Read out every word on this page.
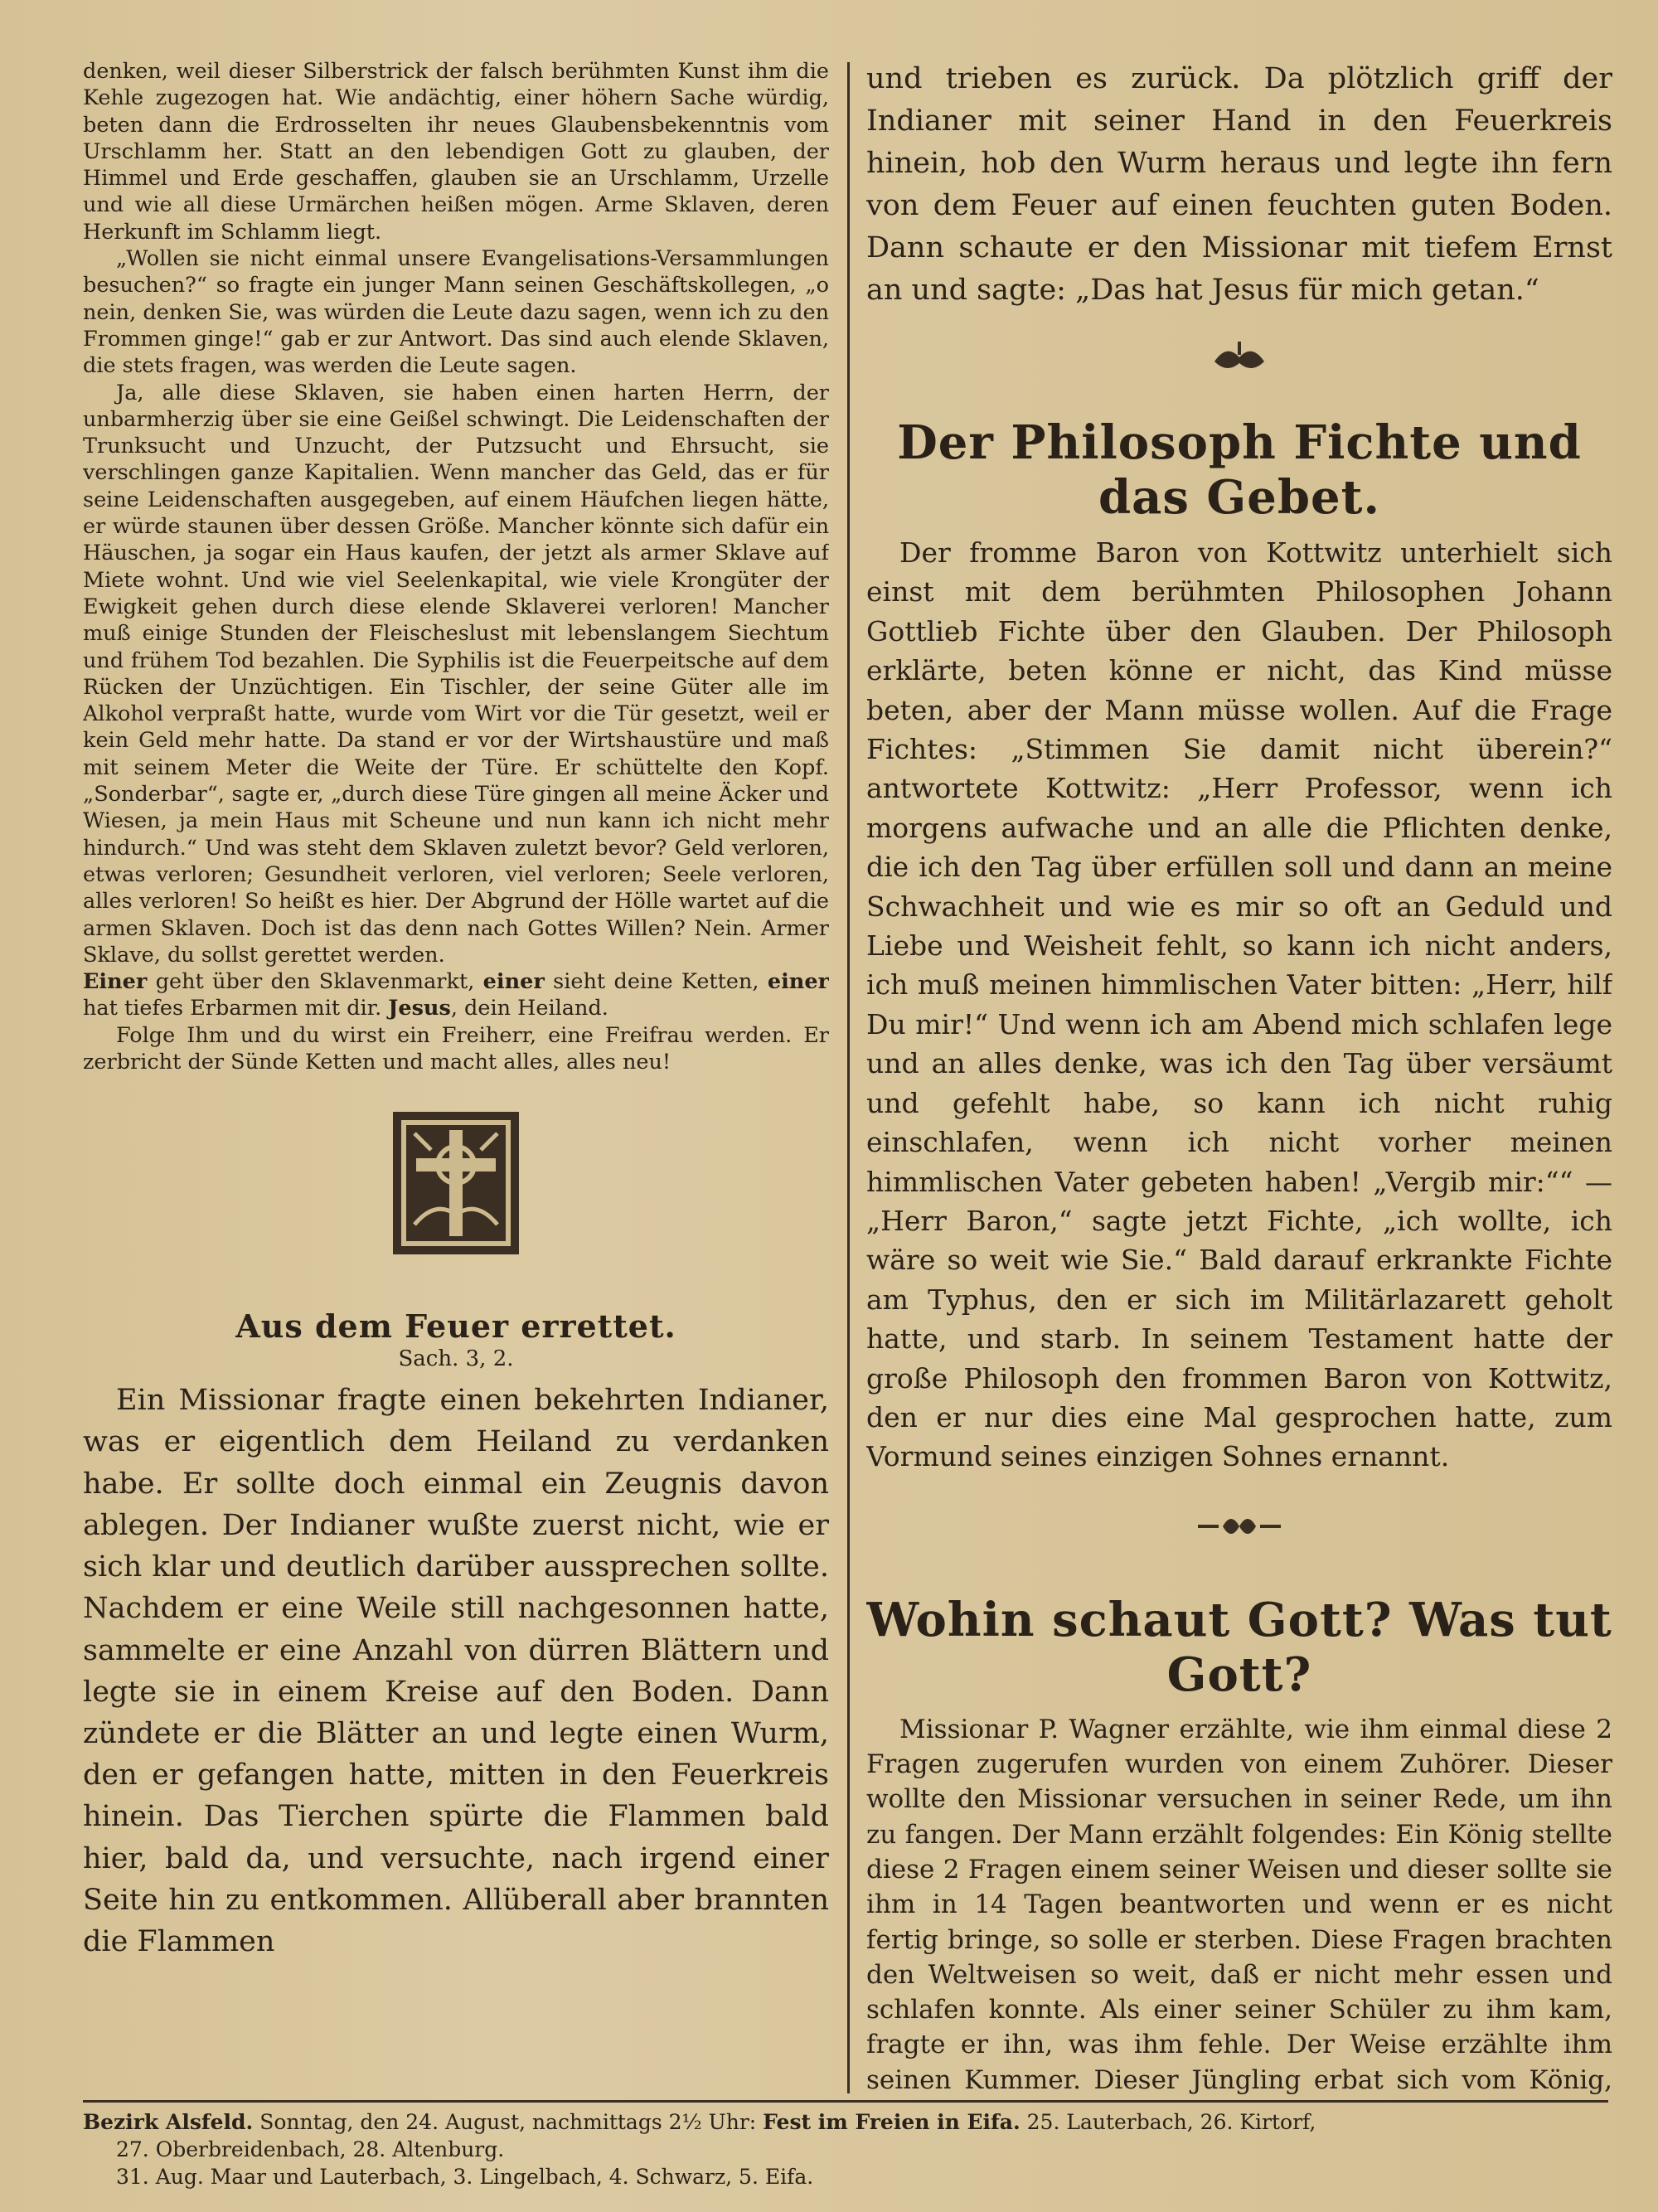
denken, weil dieser Silberstrick der falsch berühmten Kunst ihm die Kehle zugezogen hat. Wie andächtig, einer höhern Sache würdig, beten dann die Erdrosselten ihr neues Glaubensbekenntnis vom Urschlamm her. Statt an den lebendigen Gott zu glauben, der Himmel und Erde geschaffen, glauben sie an Urschlamm, Urzelle und wie all diese Urmärchen heißen mögen. Arme Sklaven, deren Herkunft im Schlamm liegt.

„Wollen sie nicht einmal unsere Evangelisations-Versammlungen besuchen?“ so fragte ein junger Mann seinen Geschäftskollegen, „o nein, denken Sie, was würden die Leute dazu sagen, wenn ich zu den Frommen ginge!“ gab er zur Antwort. Das sind auch elende Sklaven, die stets fragen, was werden die Leute sagen.

Ja, alle diese Sklaven, sie haben einen harten Herrn, der unbarmherzig über sie eine Geißel schwingt. Die Leidenschaften der Trunksucht und Unzucht, der Putzsucht und Ehrsucht, sie verschlingen ganze Kapitalien. Wenn mancher das Geld, das er für seine Leidenschaften ausgegeben, auf einem Häufchen liegen hätte, er würde staunen über dessen Größe. Mancher könnte sich dafür ein Häuschen, ja sogar ein Haus kaufen, der jetzt als armer Sklave auf Miete wohnt. Und wie viel Seelenkapital, wie viele Krongüter der Ewigkeit gehen durch diese elende Sklaverei verloren! Mancher muß einige Stunden der Fleischeslust mit lebenslangem Siechtum und frühem Tod bezahlen. Die Syphilis ist die Feuerpeitsche auf dem Rücken der Unzüchtigen. Ein Tischler, der seine Güter alle im Alkohol verpraßt hatte, wurde vom Wirt vor die Tür gesetzt, weil er kein Geld mehr hatte. Da stand er vor der Wirtshaustüre und maß mit seinem Meter die Weite der Türe. Er schüttelte den Kopf. „Sonderbar“, sagte er, „durch diese Türe gingen all meine Äcker und Wiesen, ja mein Haus mit Scheune und nun kann ich nicht mehr hindurch.“ Und was steht dem Sklaven zuletzt bevor? Geld verloren, etwas verloren; Gesundheit verloren, viel verloren; Seele verloren, alles verloren! So heißt es hier. Der Abgrund der Hölle wartet auf die armen Sklaven. Doch ist das denn nach Gottes Willen? Nein. Armer Sklave, du sollst gerettet werden.

Einer geht über den Sklavenmarkt, einer sieht deine Ketten, einer hat tiefes Erbarmen mit dir. Jesus, dein Heiland.

Folge Ihm und du wirst ein Freiherr, eine Freifrau werden. Er zerbricht der Sünde Ketten und macht alles, alles neu!

Aus dem Feuer errettet.
Sach. 3, 2.

Ein Missionar fragte einen bekehrten Indianer, was er eigentlich dem Heiland zu verdanken habe. Er sollte doch einmal ein Zeugnis davon ablegen. Der Indianer wußte zuerst nicht, wie er sich klar und deutlich darüber aussprechen sollte. Nachdem er eine Weile still nachgesonnen hatte, sammelte er eine Anzahl von dürren Blättern und legte sie in einem Kreise auf den Boden. Dann zündete er die Blätter an und legte einen Wurm, den er gefangen hatte, mitten in den Feuerkreis hinein. Das Tierchen spürte die Flammen bald hier, bald da, und versuchte, nach irgend einer Seite hin zu entkommen. Allüberall aber brannten die Flammen

und trieben es zurück. Da plötzlich griff der Indianer mit seiner Hand in den Feuerkreis hinein, hob den Wurm heraus und legte ihn fern von dem Feuer auf einen feuchten guten Boden. Dann schaute er den Missionar mit tiefem Ernst an und sagte: „Das hat Jesus für mich getan.“

Der Philosoph Fichte und das Gebet.

Der fromme Baron von Kottwitz unterhielt sich einst mit dem berühmten Philosophen Johann Gottlieb Fichte über den Glauben. Der Philosoph erklärte, beten könne er nicht, das Kind müsse beten, aber der Mann müsse wollen. Auf die Frage Fichtes: „Stimmen Sie damit nicht überein?“ antwortete Kottwitz: „Herr Professor, wenn ich morgens aufwache und an alle die Pflichten denke, die ich den Tag über erfüllen soll und dann an meine Schwachheit und wie es mir so oft an Geduld und Liebe und Weisheit fehlt, so kann ich nicht anders, ich muß meinen himmlischen Vater bitten: „Herr, hilf Du mir!“ Und wenn ich am Abend mich schlafen lege und an alles denke, was ich den Tag über versäumt und gefehlt habe, so kann ich nicht ruhig einschlafen, wenn ich nicht vorher meinen himmlischen Vater gebeten haben! „Vergib mir:““ — „Herr Baron,“ sagte jetzt Fichte, „ich wollte, ich wäre so weit wie Sie.“ Bald darauf erkrankte Fichte am Typhus, den er sich im Militärlazarett geholt hatte, und starb. In seinem Testament hatte der große Philosoph den frommen Baron von Kottwitz, den er nur dies eine Mal gesprochen hatte, zum Vormund seines einzigen Sohnes ernannt.

Wohin schaut Gott? Was tut Gott?

Missionar P. Wagner erzählte, wie ihm einmal diese 2 Fragen zugerufen wurden von einem Zuhörer. Dieser wollte den Missionar versuchen in seiner Rede, um ihn zu fangen. Der Mann erzählt folgendes: Ein König stellte diese 2 Fragen einem seiner Weisen und dieser sollte sie ihm in 14 Tagen beantworten und wenn er es nicht fertig bringe, so solle er sterben. Diese Fragen brachten den Weltweisen so weit, daß er nicht mehr essen und schlafen konnte. Als einer seiner Schüler zu ihm kam, fragte er ihn, was ihm fehle. Der Weise erzählte ihm seinen Kummer. Dieser Jüngling erbat sich vom König,

Bezirk Alsfeld. Sonntag, den 24. August, nachmittags 2½ Uhr: Fest im Freien in Eifa. 25. Lauterbach, 26. Kirtorf,
27. Oberbreidenbach, 28. Altenburg.
31. Aug. Maar und Lauterbach, 3. Lingelbach, 4. Schwarz, 5. Eifa.
